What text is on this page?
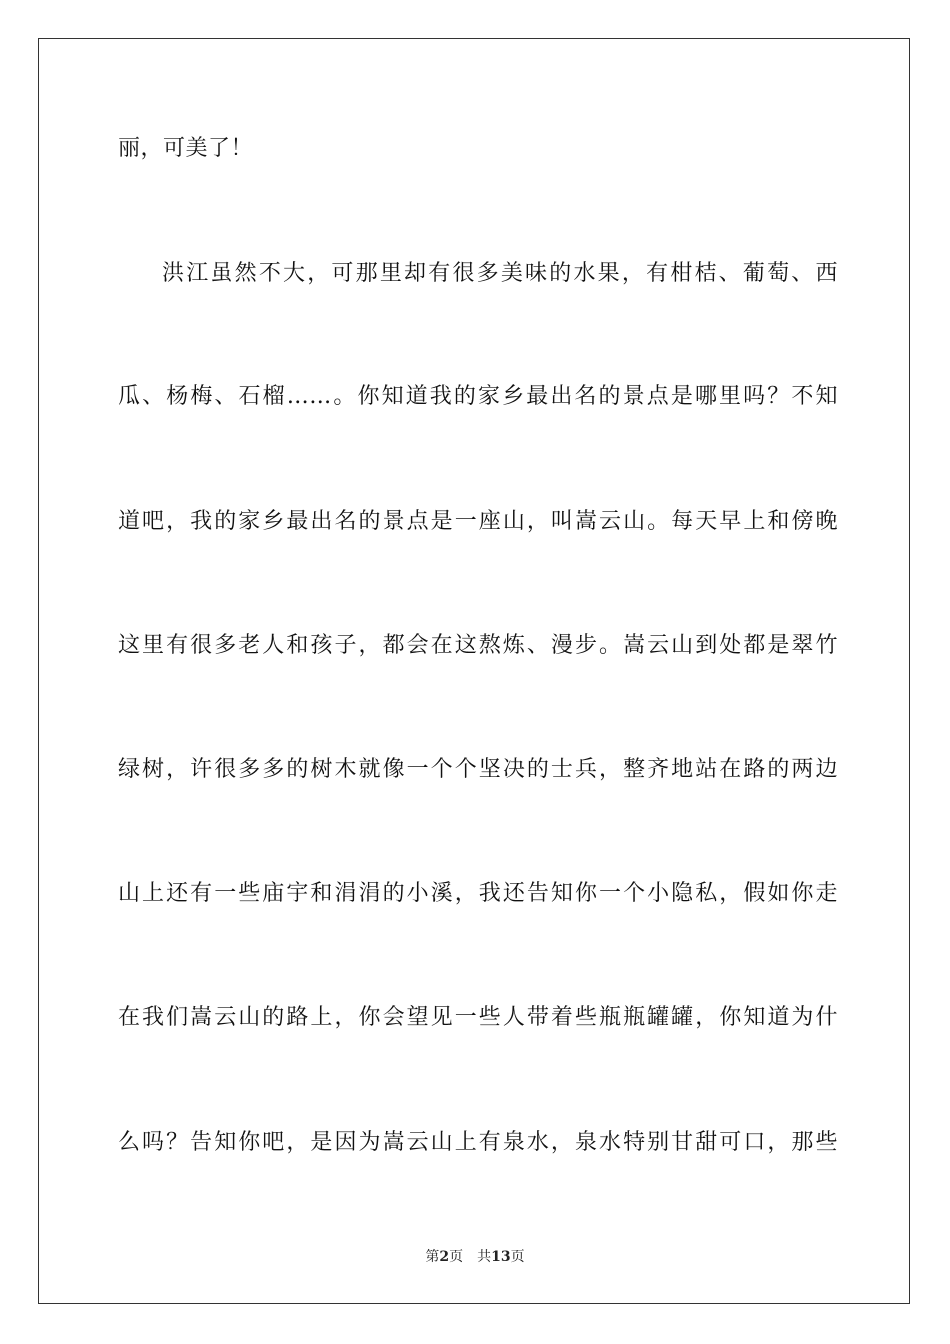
丽，可美了！
洪江虽然不大，可那里却有很多美味的水果，有柑桔、葡萄、西
瓜、杨梅、石榴……。你知道我的家乡最出名的景点是哪里吗？不知
道吧，我的家乡最出名的景点是一座山，叫嵩云山。每天早上和傍晚
这里有很多老人和孩子，都会在这熬炼、漫步。嵩云山到处都是翠竹
绿树，许很多多的树木就像一个个坚决的士兵，整齐地站在路的两边
山上还有一些庙宇和涓涓的小溪，我还告知你一个小隐私，假如你走
在我们嵩云山的路上，你会望见一些人带着些瓶瓶罐罐，你知道为什
么吗？告知你吧，是因为嵩云山上有泉水，泉水特别甘甜可口，那些
第2页 共13页
